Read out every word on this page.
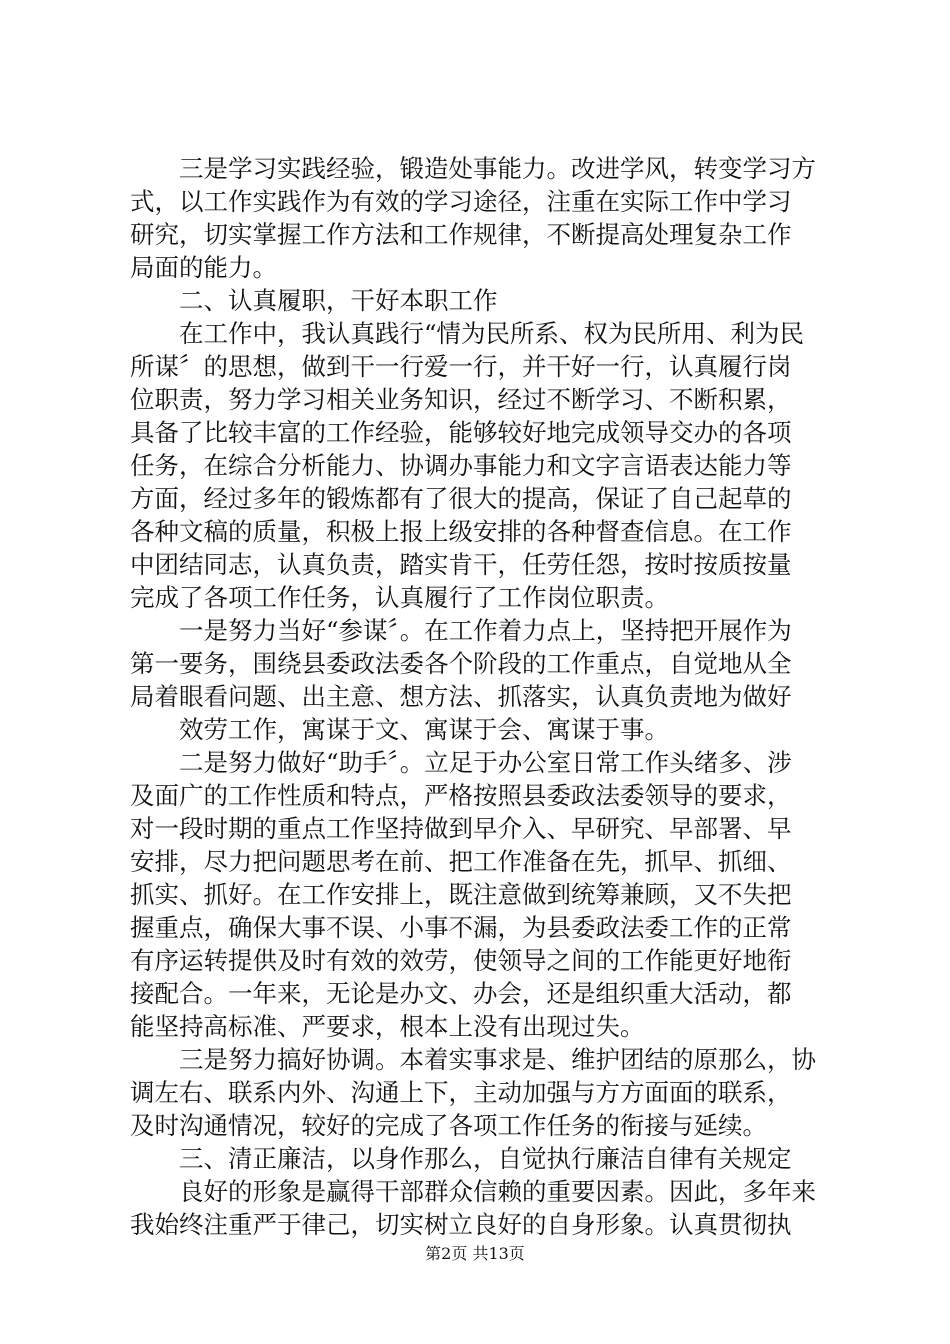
三是学习实践经验，锻造处事能力。改进学风，转变学习方
式，以工作实践作为有效的学习途径，注重在实际工作中学习
研究，切实掌握工作方法和工作规律，不断提高处理复杂工作
局面的能力。
二、认真履职，干好本职工作
在工作中，我认真践行“情为民所系、权为民所用、利为民
所谋〞的思想，做到干一行爱一行，并干好一行，认真履行岗
位职责，努力学习相关业务知识，经过不断学习、不断积累，
具备了比较丰富的工作经验，能够较好地完成领导交办的各项
任务，在综合分析能力、协调办事能力和文字言语表达能力等
方面，经过多年的锻炼都有了很大的提高，保证了自己起草的
各种文稿的质量，积极上报上级安排的各种督查信息。在工作
中团结同志，认真负责，踏实肯干，任劳任怨，按时按质按量
完成了各项工作任务，认真履行了工作岗位职责。
一是努力当好“参谋〞。在工作着力点上，坚持把开展作为
第一要务，围绕县委政法委各个阶段的工作重点，自觉地从全
局着眼看问题、出主意、想方法、抓落实，认真负责地为做好
效劳工作，寓谋于文、寓谋于会、寓谋于事。
二是努力做好“助手〞。立足于办公室日常工作头绪多、涉
及面广的工作性质和特点，严格按照县委政法委领导的要求，
对一段时期的重点工作坚持做到早介入、早研究、早部署、早
安排，尽力把问题思考在前、把工作准备在先，抓早、抓细、
抓实、抓好。在工作安排上，既注意做到统筹兼顾，又不失把
握重点，确保大事不误、小事不漏，为县委政法委工作的正常
有序运转提供及时有效的效劳，使领导之间的工作能更好地衔
接配合。一年来，无论是办文、办会，还是组织重大活动，都
能坚持高标准、严要求，根本上没有出现过失。
三是努力搞好协调。本着实事求是、维护团结的原那么，协
调左右、联系内外、沟通上下，主动加强与方方面面的联系，
及时沟通情况，较好的完成了各项工作任务的衔接与延续。
三、清正廉洁，以身作那么，自觉执行廉洁自律有关规定
良好的形象是赢得干部群众信赖的重要因素。因此，多年来
我始终注重严于律己，切实树立良好的自身形象。认真贯彻执
第2页 共13页
